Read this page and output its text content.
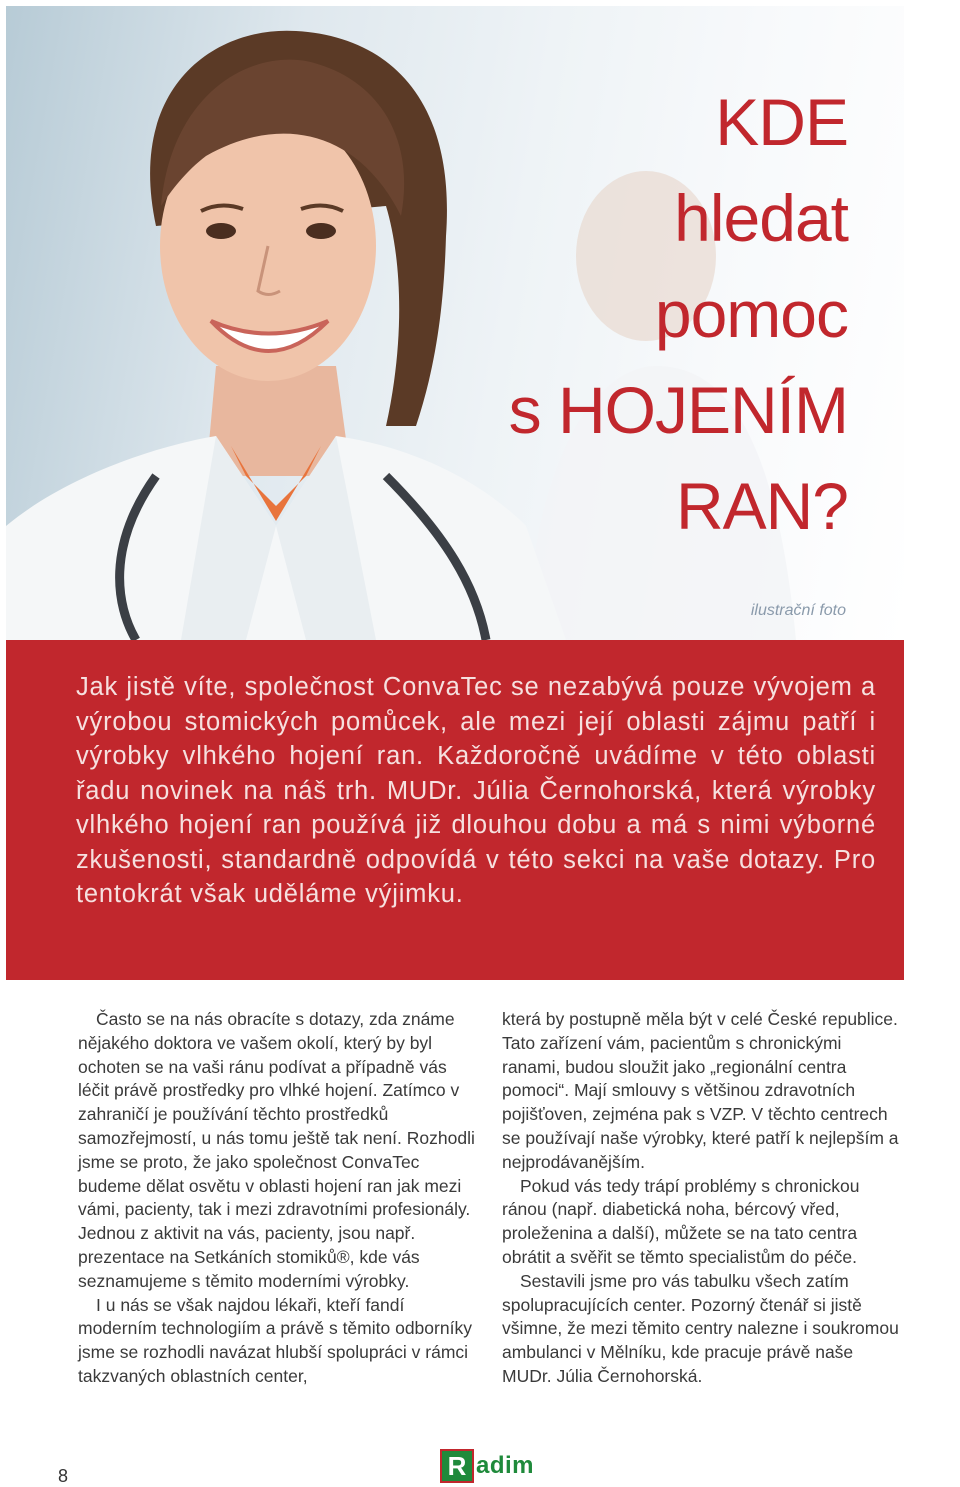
KDE
hledat
pomoc
s HOJENÍM
RAN?
ilustrační foto

Jak jistě víte, společnost ConvaTec se nezabývá pouze vývojem a výrobou stomických pomůcek, ale mezi její oblasti zájmu patří i výrobky vlhkého hojení ran. Každoročně uvádíme v této oblasti řadu novinek na náš trh. MUDr. Júlia Černohorská, která výrobky vlhkého hojení ran používá již dlouhou dobu a má s nimi výborné zkušenosti, standardně odpovídá v této sekci na vaše dotazy. Pro tentokrát však uděláme výjimku.

Často se na nás obracíte s dotazy, zda známe nějakého doktora ve vašem okolí, který by byl ochoten se na vaši ránu podívat a případně vás léčit právě prostředky pro vlhké hojení. Zatímco v zahraničí je používání těchto prostředků samozřejmostí, u nás tomu ještě tak není. Rozhodli jsme se proto, že jako společnost ConvaTec budeme dělat osvětu v oblasti hojení ran jak mezi vámi, pacienty, tak i mezi zdravotními profesionály. Jednou z aktivit na vás, pacienty, jsou např. prezentace na Setkáních stomiků®, kde vás seznamujeme s těmito moderními výrobky.

I u nás se však najdou lékaři, kteří fandí moderním technologiím a právě s těmito odborníky jsme se rozhodli navázat hlubší spolupráci v rámci takzvaných oblastních center,

která by postupně měla být v celé České republice. Tato zařízení vám, pacientům s chronickými ranami, budou sloužit jako „regionální centra pomoci“. Mají smlouvy s většinou zdravotních pojišťoven, zejména pak s VZP. V těchto centrech se používají naše výrobky, které patří k nejlepším a nejprodávanějším.

Pokud vás tedy trápí problémy s chronickou ránou (např. diabetická noha, bércový vřed, proleženina a další), můžete se na tato centra obrátit a svěřit se těmto specialistům do péče.

Sestavili jsme pro vás tabulku všech zatím spolupracujících center. Pozorný čtenář si jistě všimne, že mezi těmito centry nalezne i soukromou ambulanci v Mělníku, kde pracuje právě naše MUDr. Júlia Černohorská.

8	R adim
